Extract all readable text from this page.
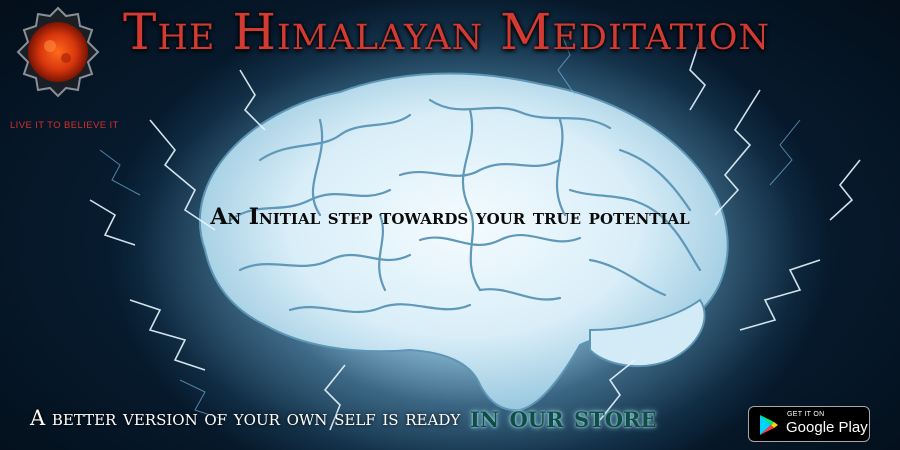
LIVE IT TO BELIEVE IT
The Himalayan Meditation
An Initial step towards your true potential
A better version of your own self is ready in our store	GET IT ON
Google Play
